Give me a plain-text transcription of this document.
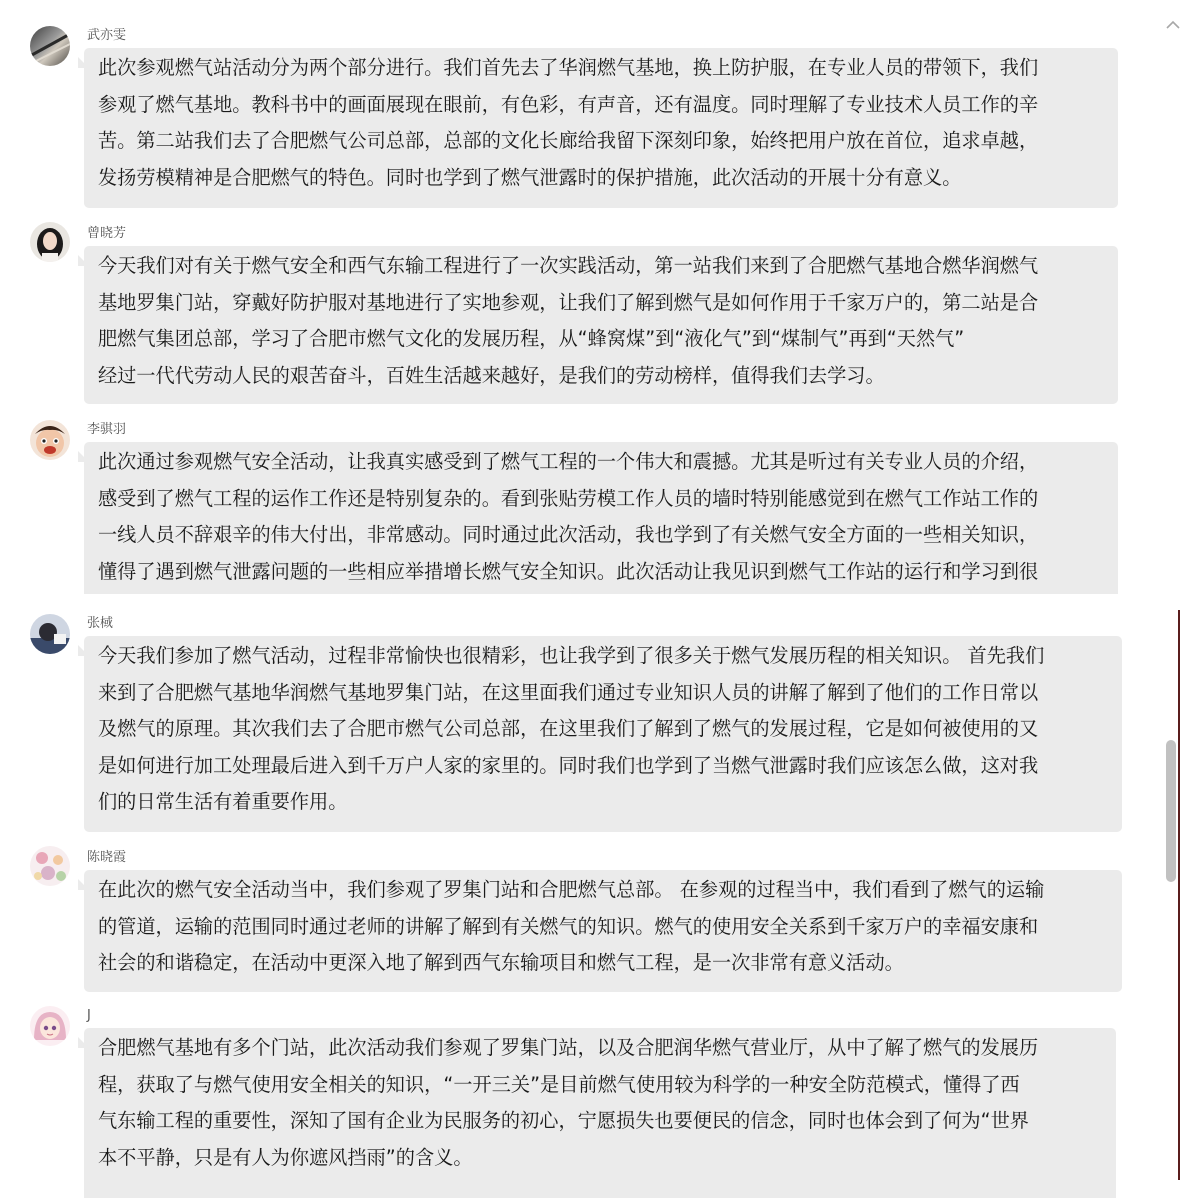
武亦雯
此次参观燃气站活动分为两个部分进行。我们首先去了华润燃气基地，换上防护服，在专业人员的带领下，我们
参观了燃气基地。教科书中的画面展现在眼前，有色彩，有声音，还有温度。同时理解了专业技术人员工作的辛
苦。第二站我们去了合肥燃气公司总部，总部的文化长廊给我留下深刻印象，始终把用户放在首位，追求卓越，
发扬劳模精神是合肥燃气的特色。同时也学到了燃气泄露时的保护措施，此次活动的开展十分有意义。
曾晓芳
今天我们对有关于燃气安全和西气东输工程进行了一次实践活动，第一站我们来到了合肥燃气基地合燃华润燃气
基地罗集门站，穿戴好防护服对基地进行了实地参观，让我们了解到燃气是如何作用于千家万户的，第二站是合
肥燃气集团总部，学习了合肥市燃气文化的发展历程，从“蜂窝煤”到“液化气”到“煤制气”再到“天然气”
经过一代代劳动人民的艰苦奋斗，百姓生活越来越好，是我们的劳动榜样，值得我们去学习。
李骐羽
此次通过参观燃气安全活动，让我真实感受到了燃气工程的一个伟大和震撼。尤其是听过有关专业人员的介绍，
感受到了燃气工程的运作工作还是特别复杂的。看到张贴劳模工作人员的墙时特别能感觉到在燃气工作站工作的
一线人员不辞艰辛的伟大付出，非常感动。同时通过此次活动，我也学到了有关燃气安全方面的一些相关知识，
懂得了遇到燃气泄露问题的一些相应举措增长燃气安全知识。此次活动让我见识到燃气工作站的运行和学习到很
张棫
今天我们参加了燃气活动，过程非常愉快也很精彩，也让我学到了很多关于燃气发展历程的相关知识。 首先我们
来到了合肥燃气基地华润燃气基地罗集门站，在这里面我们通过专业知识人员的讲解了解到了他们的工作日常以
及燃气的原理。其次我们去了合肥市燃气公司总部，在这里我们了解到了燃气的发展过程，它是如何被使用的又
是如何进行加工处理最后进入到千万户人家的家里的。同时我们也学到了当燃气泄露时我们应该怎么做，这对我
们的日常生活有着重要作用。
陈晓霞
在此次的燃气安全活动当中，我们参观了罗集门站和合肥燃气总部。 在参观的过程当中，我们看到了燃气的运输
的管道，运输的范围同时通过老师的讲解了解到有关燃气的知识。燃气的使用安全关系到千家万户的幸福安康和
社会的和谐稳定，在活动中更深入地了解到西气东输项目和燃气工程，是一次非常有意义活动。
J
合肥燃气基地有多个门站，此次活动我们参观了罗集门站，以及合肥润华燃气营业厅，从中了解了燃气的发展历
程，获取了与燃气使用安全相关的知识，“一开三关”是目前燃气使用较为科学的一种安全防范模式，懂得了西
气东输工程的重要性，深知了国有企业为民服务的初心，宁愿损失也要便民的信念，同时也体会到了何为“世界
本不平静，只是有人为你遮风挡雨”的含义。
